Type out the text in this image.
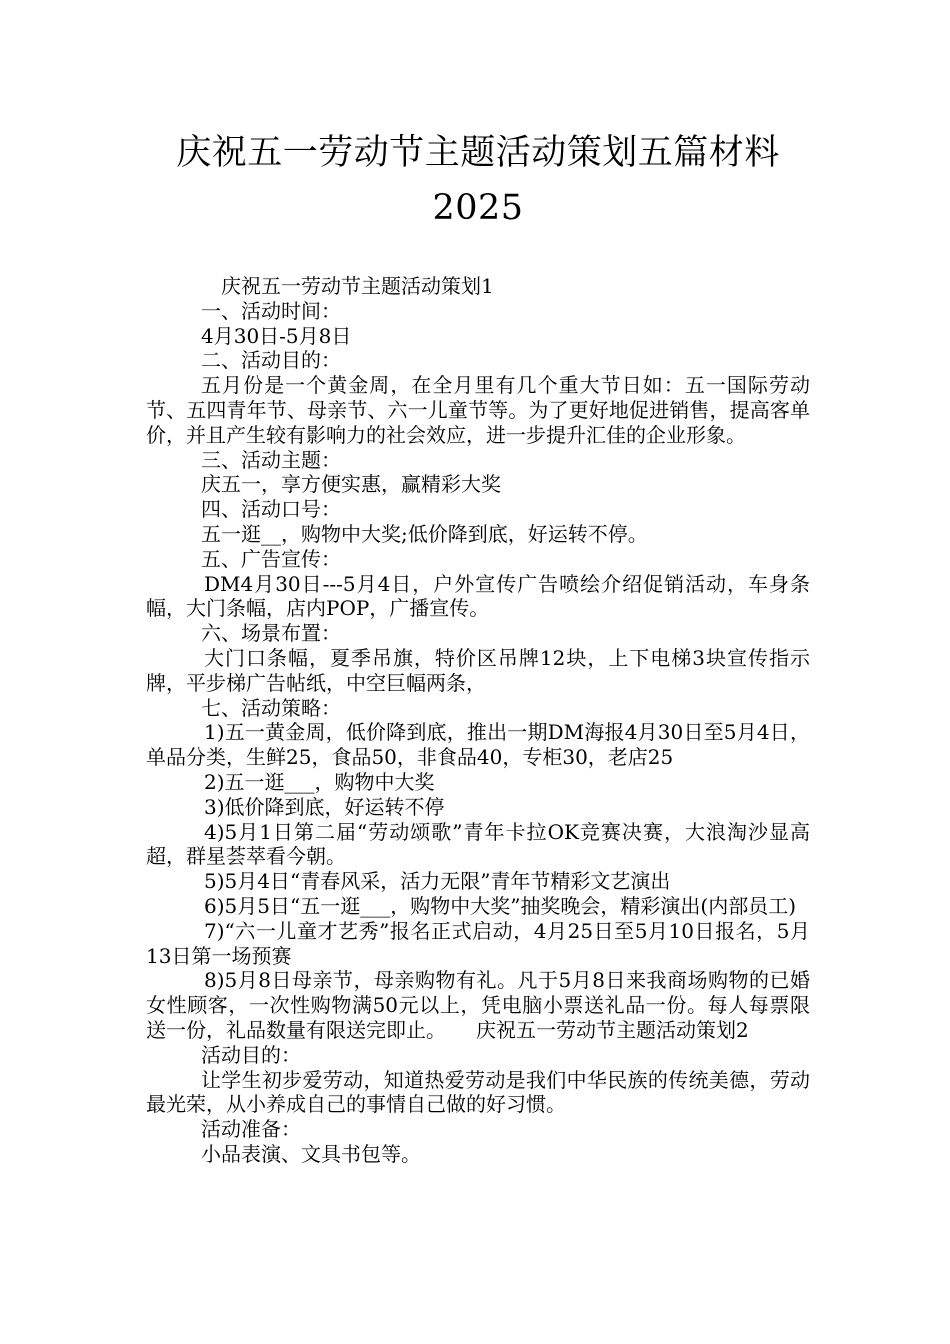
庆祝五一劳动节主题活动策划五篇材料
2025

庆祝五一劳动节主题活动策划1

一、活动时间：

4月30日-5月8日

二、活动目的：

五月份是一个黄金周，在全月里有几个重大节日如：五一国际劳动节、五四青年节、母亲节、六一儿童节等。为了更好地促进销售，提高客单价，并且产生较有影响力的社会效应，进一步提升汇佳的企业形象。

三、活动主题：

庆五一，享方便实惠，赢精彩大奖

四、活动口号：

五一逛__，购物中大奖;低价降到底，好运转不停。

五、广告宣传：

DM4月30日---5月4日，户外宣传广告喷绘介绍促销活动，车身条幅，大门条幅，店内POP，广播宣传。

六、场景布置：

大门口条幅，夏季吊旗，特价区吊牌12块，上下电梯3块宣传指示牌，平步梯广告帖纸，中空巨幅两条，

七、活动策略：

1)五一黄金周，低价降到底，推出一期DM海报4月30日至5月4日，单品分类，生鲜25，食品50，非食品40，专柜30，老店25

2)五一逛___，购物中大奖

3)低价降到底，好运转不停

4)5月1日第二届“劳动颂歌”青年卡拉OK竞赛决赛，大浪淘沙显高超，群星荟萃看今朝。

5)5月4日“青春风采，活力无限”青年节精彩文艺演出

6)5月5日“五一逛___，购物中大奖”抽奖晚会，精彩演出(内部员工)

7)“六一儿童才艺秀”报名正式启动，4月25日至5月10日报名，5月13日第一场预赛

8)5月8日母亲节，母亲购物有礼。凡于5月8日来我商场购物的已婚女性顾客，一次性购物满50元以上，凭电脑小票送礼品一份。每人每票限送一份，礼品数量有限送完即止。　　庆祝五一劳动节主题活动策划2

活动目的：

让学生初步爱劳动，知道热爱劳动是我们中华民族的传统美德，劳动最光荣，从小养成自己的事情自己做的好习惯。

活动准备：

小品表演、文具书包等。
